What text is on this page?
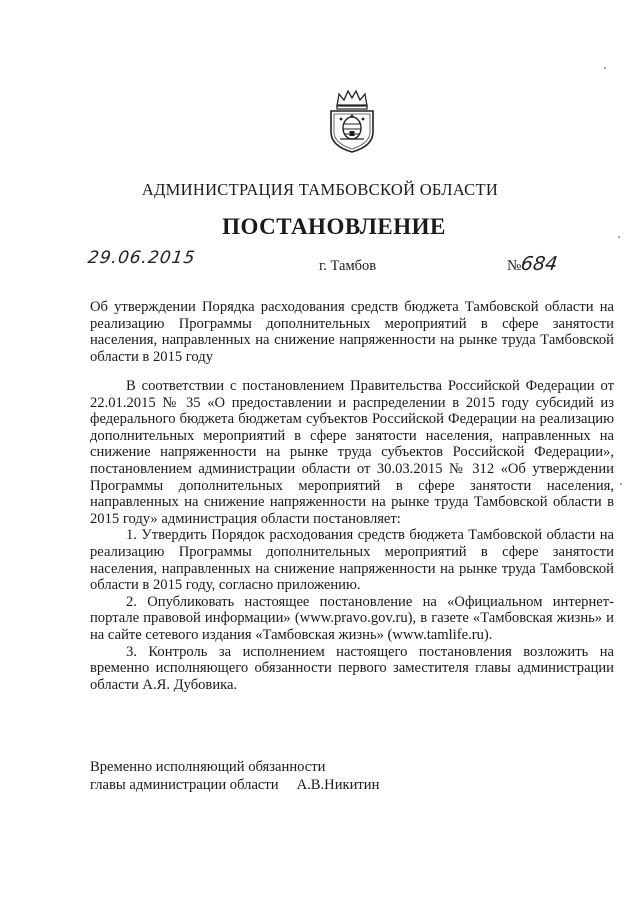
АДМИНИСТРАЦИЯ ТАМБОВСКОЙ ОБЛАСТИ
ПОСТАНОВЛЕНИЕ
29.06.2015	г. Тамбов	№684
Об утверждении Порядка расходования средств бюджета Тамбовской области на реализацию Программы дополнительных мероприятий в сфере занятости населения, направленных на снижение напряженности на рынке труда Тамбовской области в 2015 году

В соответствии с постановлением Правительства Российской Федерации от 22.01.2015 № 35 «О предоставлении и распределении в 2015 году субсидий из федерального бюджета бюджетам субъектов Российской Федерации на реализацию дополнительных мероприятий в сфере занятости населения, направленных на снижение напряженности на рынке труда субъектов Российской Федерации», постановлением администрации области от 30.03.2015 № 312 «Об утверждении Программы дополнительных мероприятий в сфере занятости населения, направленных на снижение напряженности на рынке труда Тамбовской области в 2015 году» администрация области постановляет:

1. Утвердить Порядок расходования средств бюджета Тамбовской области на реализацию Программы дополнительных мероприятий в сфере занятости населения, направленных на снижение напряженности на рынке труда Тамбовской области в 2015 году, согласно приложению.

2. Опубликовать настоящее постановление на «Официальном интернет-портале правовой информации» (www.pravo.gov.ru), в газете «Тамбовская жизнь» и на сайте сетевого издания «Тамбовская жизнь» (www.tamlife.ru).

3. Контроль за исполнением настоящего постановления возложить на временно исполняющего обязанности первого заместителя главы администрации области А.Я. Дубовика.

Временно исполняющий обязанности
главы администрации области А.В.Никитин
